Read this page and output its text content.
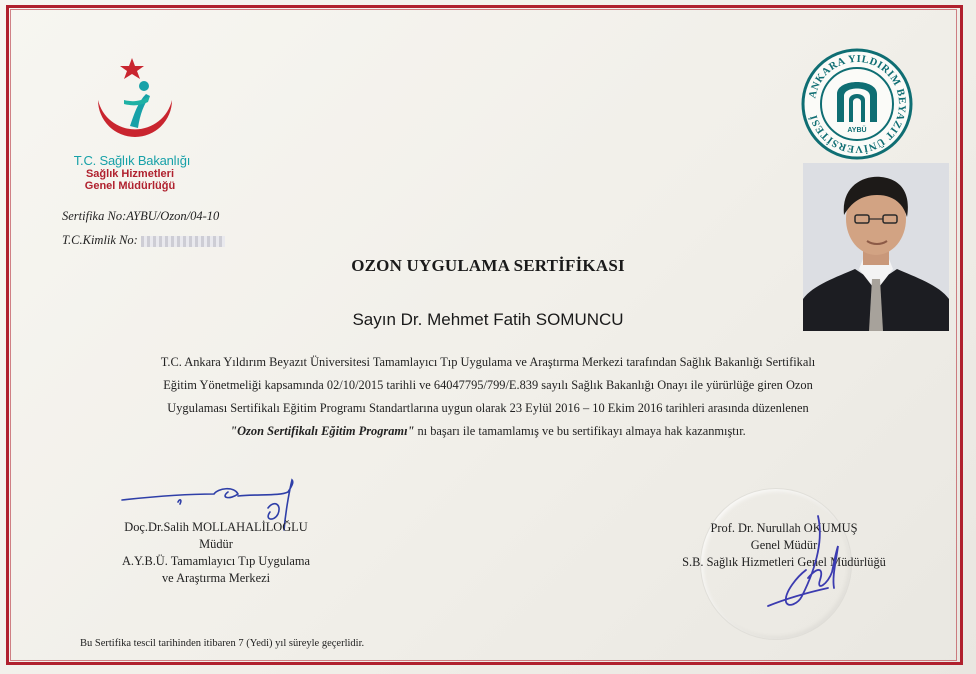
T.C. Sağlık Bakanlığı
Sağlık Hizmetleri
Genel Müdürlüğü
ANKARA YILDIRIM BEYAZIT ÜNİVERSİTESİ
AYBÜ
Sertifika No:AYBU/Ozon/04-10
T.C.Kimlik No:
OZON UYGULAMA SERTİFİKASI
Sayın Dr. Mehmet Fatih SOMUNCU
T.C. Ankara Yıldırım Beyazıt Üniversitesi Tamamlayıcı Tıp Uygulama ve Araştırma Merkezi tarafından Sağlık Bakanlığı Sertifikalı
Eğitim Yönetmeliği kapsamında 02/10/2015 tarihli ve 64047795/799/E.839 sayılı Sağlık Bakanlığı Onayı ile yürürlüğe giren Ozon
Uygulaması Sertifikalı Eğitim Programı Standartlarına uygun olarak 23 Eylül 2016 – 10 Ekim 2016 tarihleri arasında düzenlenen
"Ozon Sertifikalı Eğitim Programı" nı başarı ile tamamlamış ve bu sertifikayı almaya hak kazanmıştır.
Doç.Dr.Salih MOLLAHALİLOĞLU
Müdür
A.Y.B.Ü. Tamamlayıcı Tıp Uygulama
ve Araştırma Merkezi
Prof. Dr. Nurullah OKUMUŞ
Genel Müdür
S.B. Sağlık Hizmetleri Genel Müdürlüğü
Bu Sertifika tescil tarihinden itibaren 7 (Yedi) yıl süreyle geçerlidir.
